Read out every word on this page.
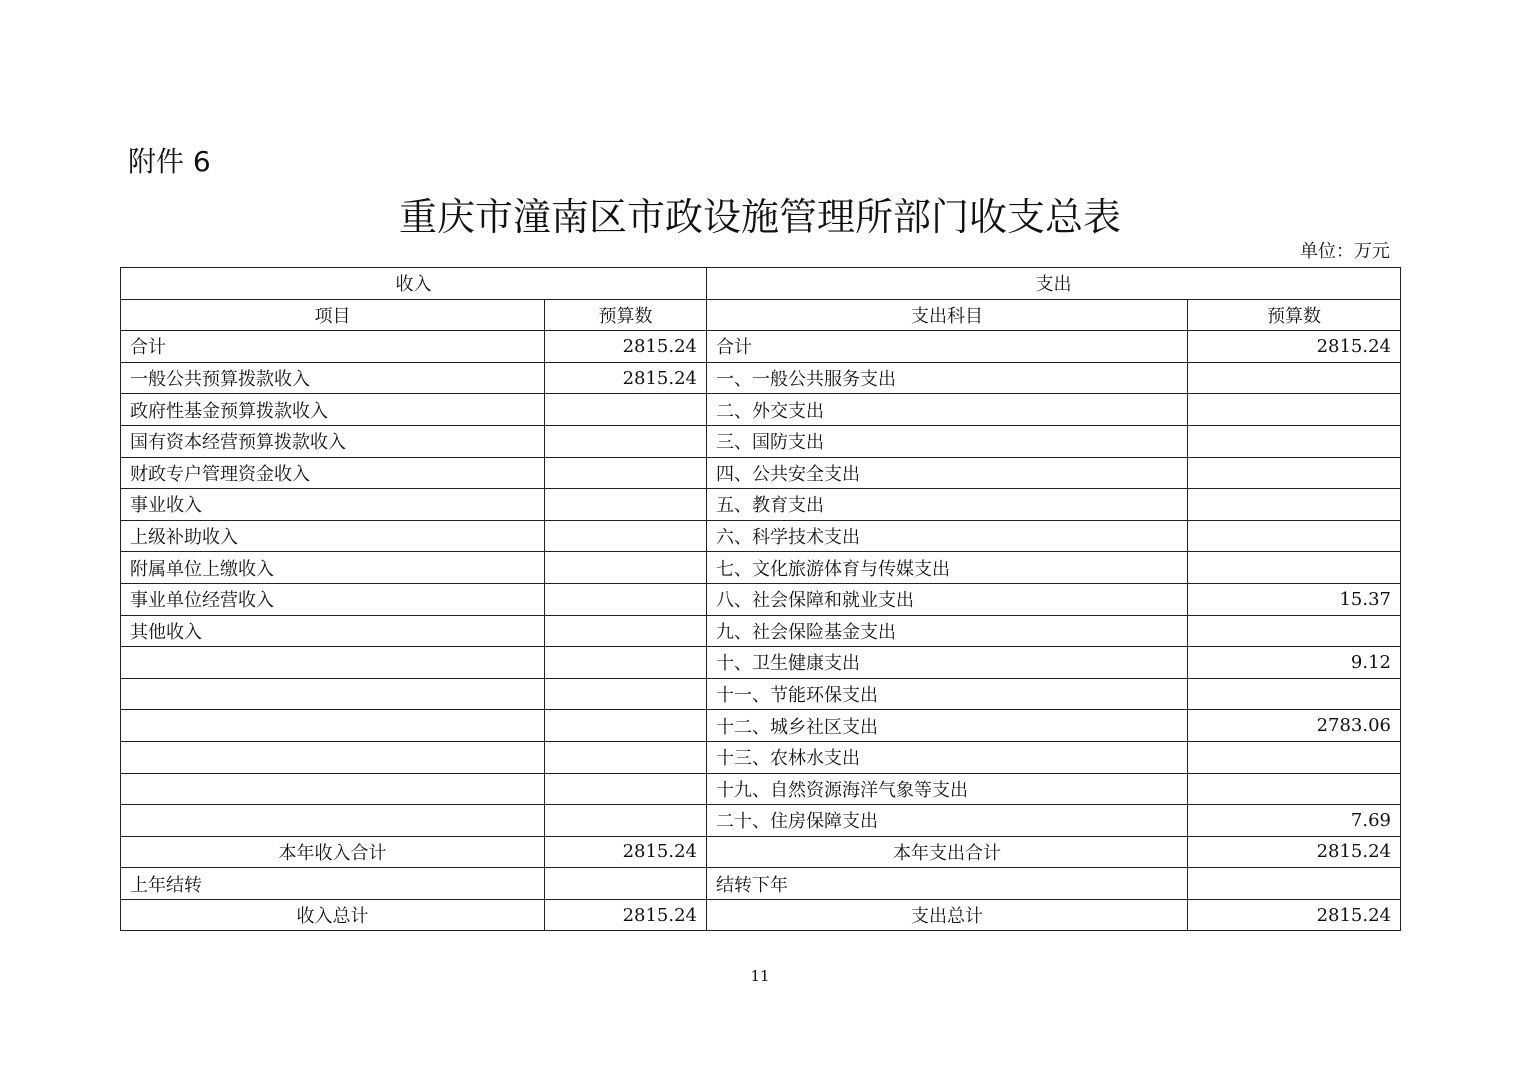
附件 6
重庆市潼南区市政设施管理所部门收支总表
单位：万元
收入		支出	
项目	预算数	支出科目	预算数
合计	2815.24	合计	2815.24
一般公共预算拨款收入	2815.24	一、一般公共服务支出	
政府性基金预算拨款收入		二、外交支出	
国有资本经营预算拨款收入		三、国防支出	
财政专户管理资金收入		四、公共安全支出	
事业收入		五、教育支出	
上级补助收入		六、科学技术支出	
附属单位上缴收入		七、文化旅游体育与传媒支出	
事业单位经营收入		八、社会保障和就业支出	15.37
其他收入		九、社会保险基金支出	
		十、卫生健康支出	9.12
		十一、节能环保支出	
		十二、城乡社区支出	2783.06
		十三、农林水支出	
		十九、自然资源海洋气象等支出	
		二十、住房保障支出	7.69
本年收入合计	2815.24	本年支出合计	2815.24
上年结转		结转下年	
收入总计	2815.24	支出总计	2815.24
11
